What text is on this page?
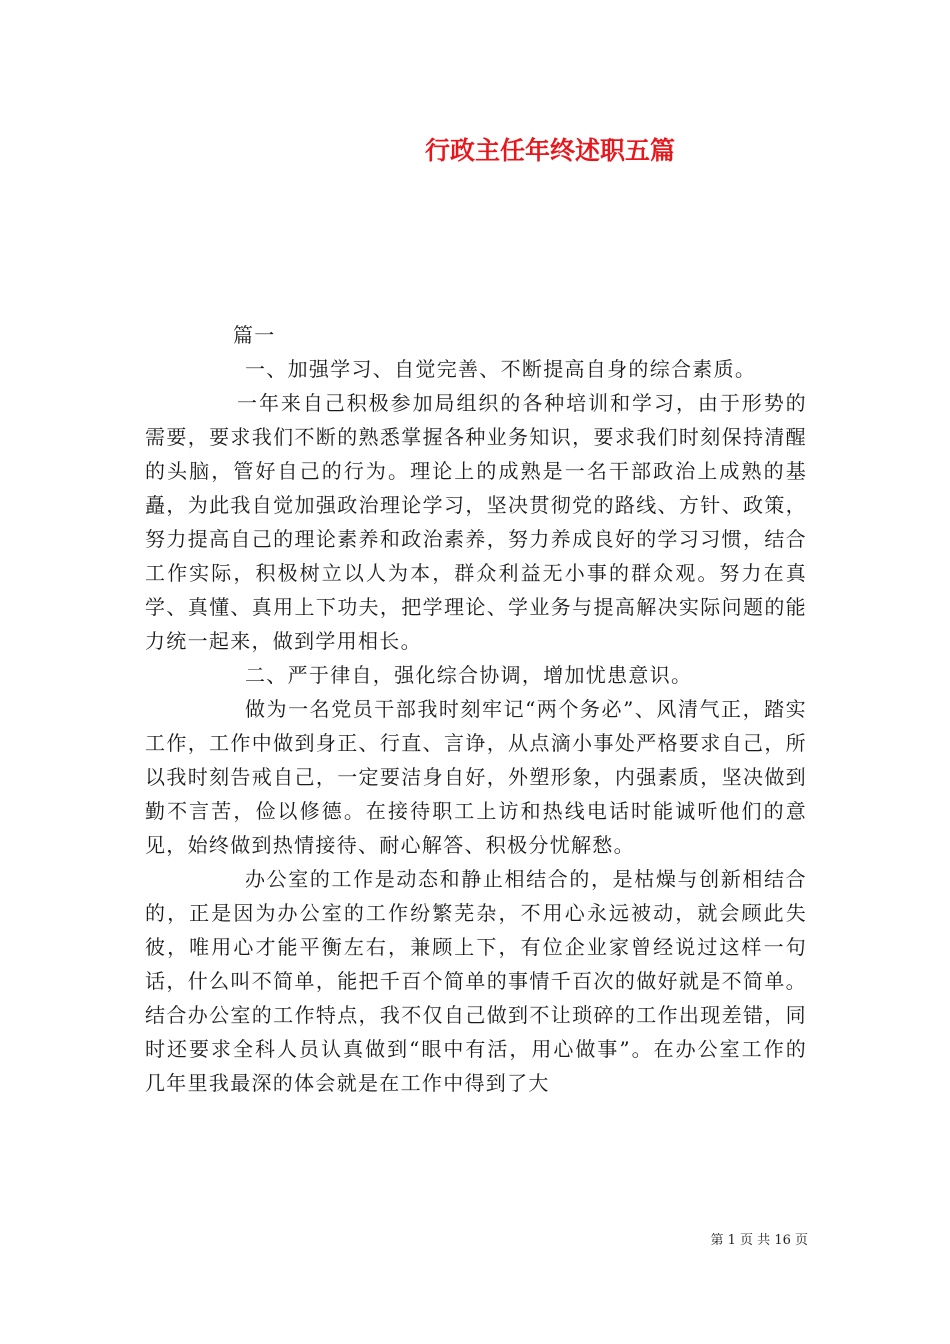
行政主任年终述职五篇

篇一

一、加强学习、自觉完善、不断提高自身的综合素质。

一年来自己积极参加局组织的各种培训和学习，由于形势的需要，要求我们不断的熟悉掌握各种业务知识，要求我们时刻保持清醒的头脑，管好自己的行为。理论上的成熟是一名干部政治上成熟的基矗，为此我自觉加强政治理论学习，坚决贯彻党的路线、方针、政策，努力提高自己的理论素养和政治素养，努力养成良好的学习习惯，结合工作实际，积极树立以人为本，群众利益无小事的群众观。努力在真学、真懂、真用上下功夫，把学理论、学业务与提高解决实际问题的能力统一起来，做到学用相长。

二、严于律自，强化综合协调，增加忧患意识。

做为一名党员干部我时刻牢记“两个务必”、风清气正，踏实工作，工作中做到身正、行直、言诤，从点滴小事处严格要求自己，所以我时刻告戒自己，一定要洁身自好，外塑形象，内强素质，坚决做到勤不言苦，俭以修德。在接待职工上访和热线电话时能诚听他们的意见，始终做到热情接待、耐心解答、积极分忧解愁。

办公室的工作是动态和静止相结合的，是枯燥与创新相结合的，正是因为办公室的工作纷繁芜杂，不用心永远被动，就会顾此失彼，唯用心才能平衡左右，兼顾上下，有位企业家曾经说过这样一句话，什么叫不简单，能把千百个简单的事情千百次的做好就是不简单。结合办公室的工作特点，我不仅自己做到不让琐碎的工作出现差错，同时还要求全科人员认真做到“眼中有活，用心做事”。在办公室工作的几年里我最深的体会就是在工作中得到了大

第 1 页 共 16 页
